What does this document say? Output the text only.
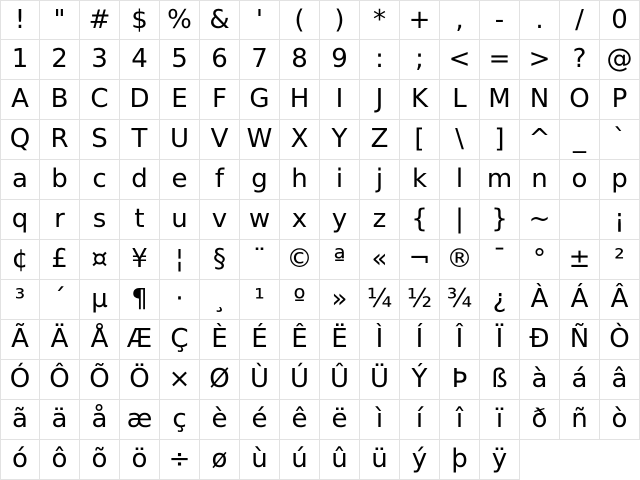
!	" # $ % &	'	(	)	* + ,	-	.	/	0
1 2 3 4 5 6 7 8 9	:	; < = > ? @
A B C D E F G H	I	J	K L M N O P
Q R S T U V W X Y Z	[	\	] ^ _	`
a b c d e	f	g h	i	j	k	l m n o p
q r	s	t	u v w x y z {	|	} ~	¡
¢ £ ¤ ¥	¦	§	¨ © ª « ¬ ® ¯	° ± ²
³	´ µ ¶	·	¸	¹	º » ¼ ½ ¾ ¿ À Á Â
Ã Ä Å Æ Ç È É Ê Ë	Ì	Í	Î	Ï	Ð Ñ Ò
Ó Ô Õ Ö × Ø Ù Ú Û Ü Ý Þ ß à á â
ã ä å æ ç è é ê ë	ì	í	î	ï	ð ñ ò
ó ô õ ö ÷ ø ù ú û ü ý þ ÿ
